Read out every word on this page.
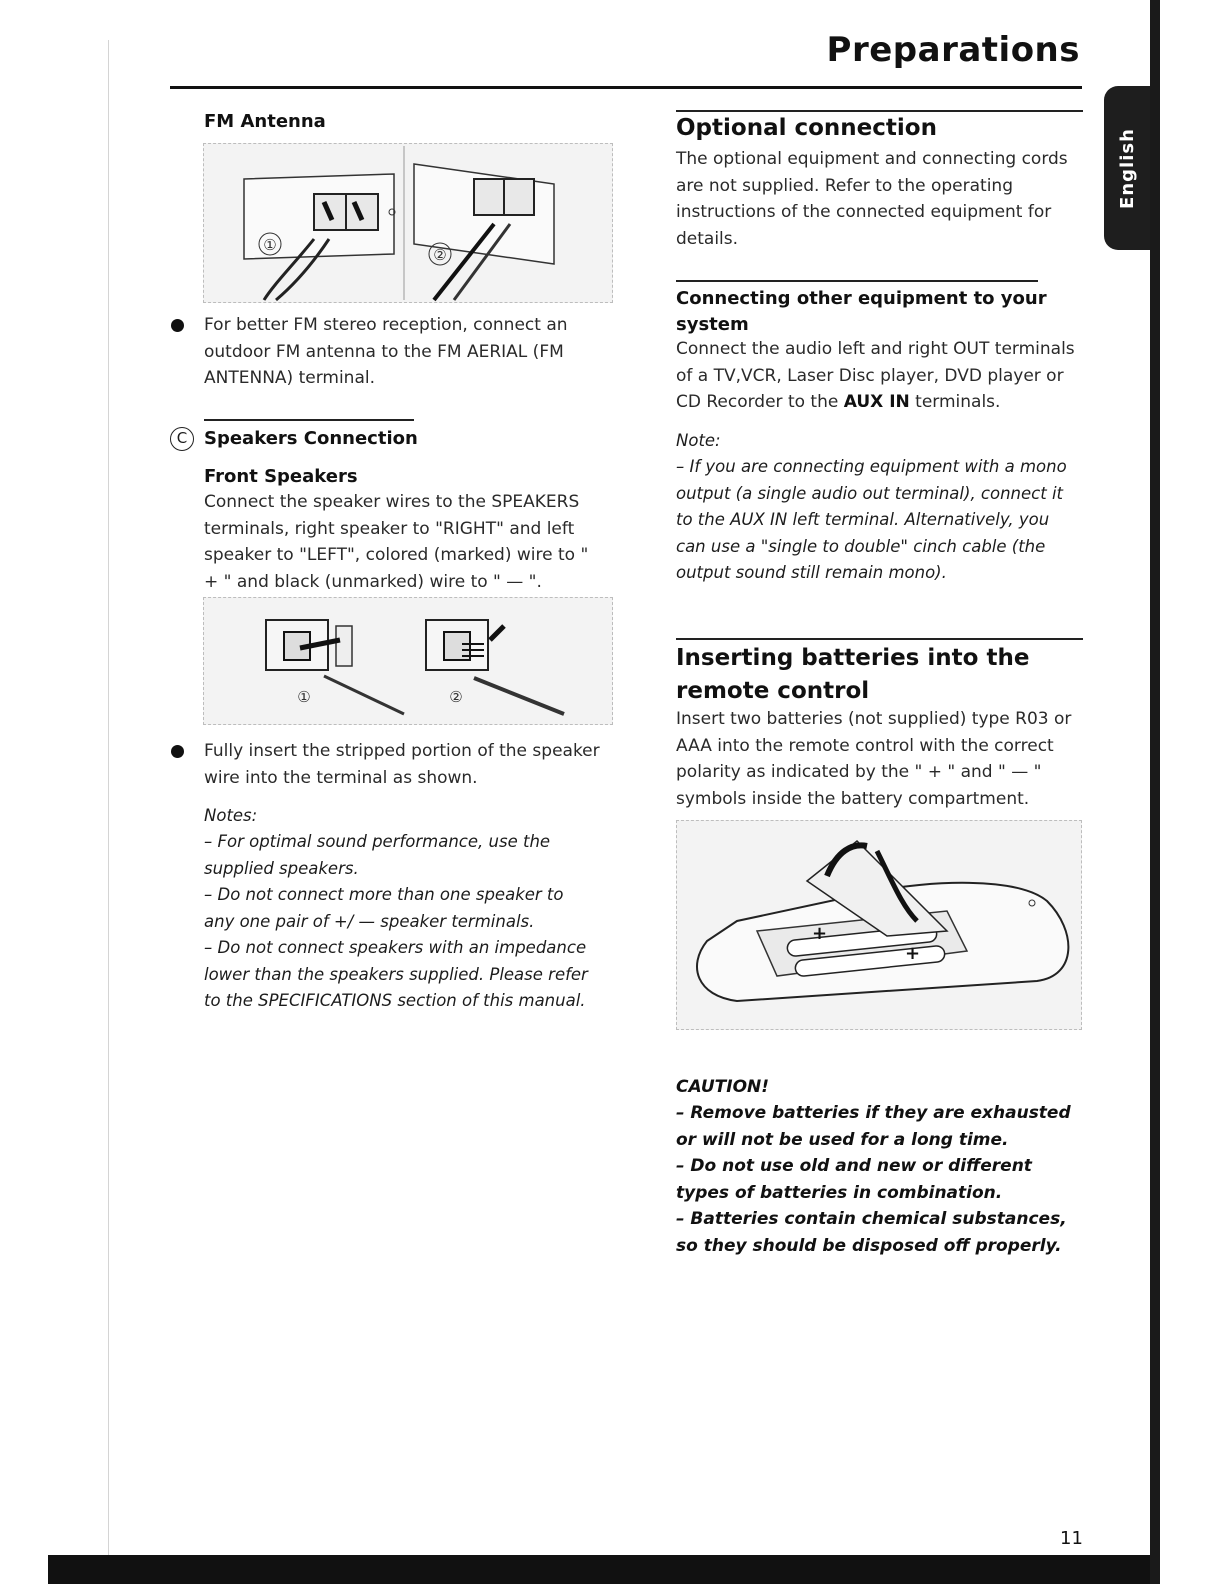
Preparations
English
FM Antenna
①
②

For better FM stereo reception, connect an outdoor FM antenna to the FM AERIAL (FM ANTENNA) terminal.

C Speakers Connection
Front Speakers

Connect the speaker wires to the SPEAKERS terminals, right speaker to "RIGHT" and left speaker to "LEFT", colored (marked) wire to " + " and black (unmarked) wire to " — ".

①	②

Fully insert the stripped portion of the speaker wire into the terminal as shown.

Notes:

– For optimal sound performance, use the supplied speakers.

– Do not connect more than one speaker to any one pair of +/ — speaker terminals.

– Do not connect speakers with an impedance lower than the speakers supplied. Please refer to the SPECIFICATIONS section of this manual.

Optional connection

The optional equipment and connecting cords are not supplied. Refer to the operating instructions of the connected equipment for details.

Connecting other equipment to your system

Connect the audio left and right OUT terminals of a TV,VCR, Laser Disc player, DVD player or CD Recorder to the AUX IN terminals.

Note:

– If you are connecting equipment with a mono output (a single audio out terminal), connect it to the AUX IN left terminal. Alternatively, you can use a "single to double" cinch cable (the output sound still remain mono).

Inserting batteries into the remote control

Insert two batteries (not supplied) type R03 or AAA into the remote control with the correct polarity as indicated by the " + " and " — " symbols inside the battery compartment.

+
+
CAUTION!

– Remove batteries if they are exhausted or will not be used for a long time.

– Do not use old and new or different types of batteries in combination.

– Batteries contain chemical substances, so they should be disposed off properly.

11
